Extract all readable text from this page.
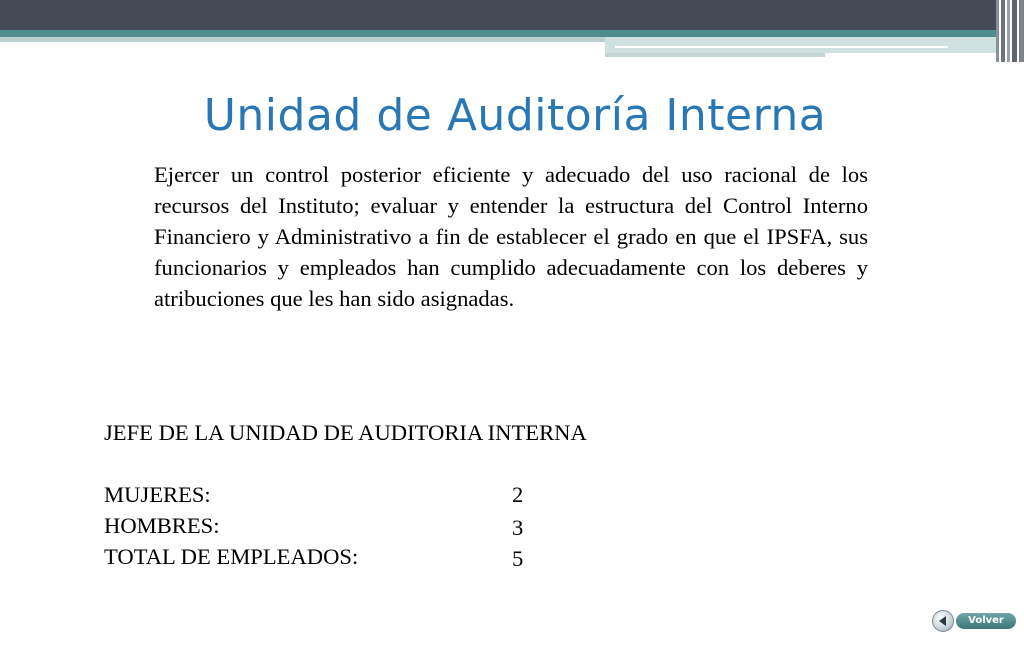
Unidad de Auditoría Interna
Ejercer un control posterior eficiente y adecuado del uso racional de los recursos del Instituto; evaluar y entender la estructura del Control Interno Financiero y Administrativo a fin de establecer el grado en que el IPSFA, sus funcionarios y empleados han cumplido adecuadamente con los deberes y atribuciones que les han sido asignadas.
JEFE DE LA UNIDAD DE AUDITORIA INTERNA
MUJERES:	2
HOMBRES:	3
TOTAL DE EMPLEADOS:	5
Volver
